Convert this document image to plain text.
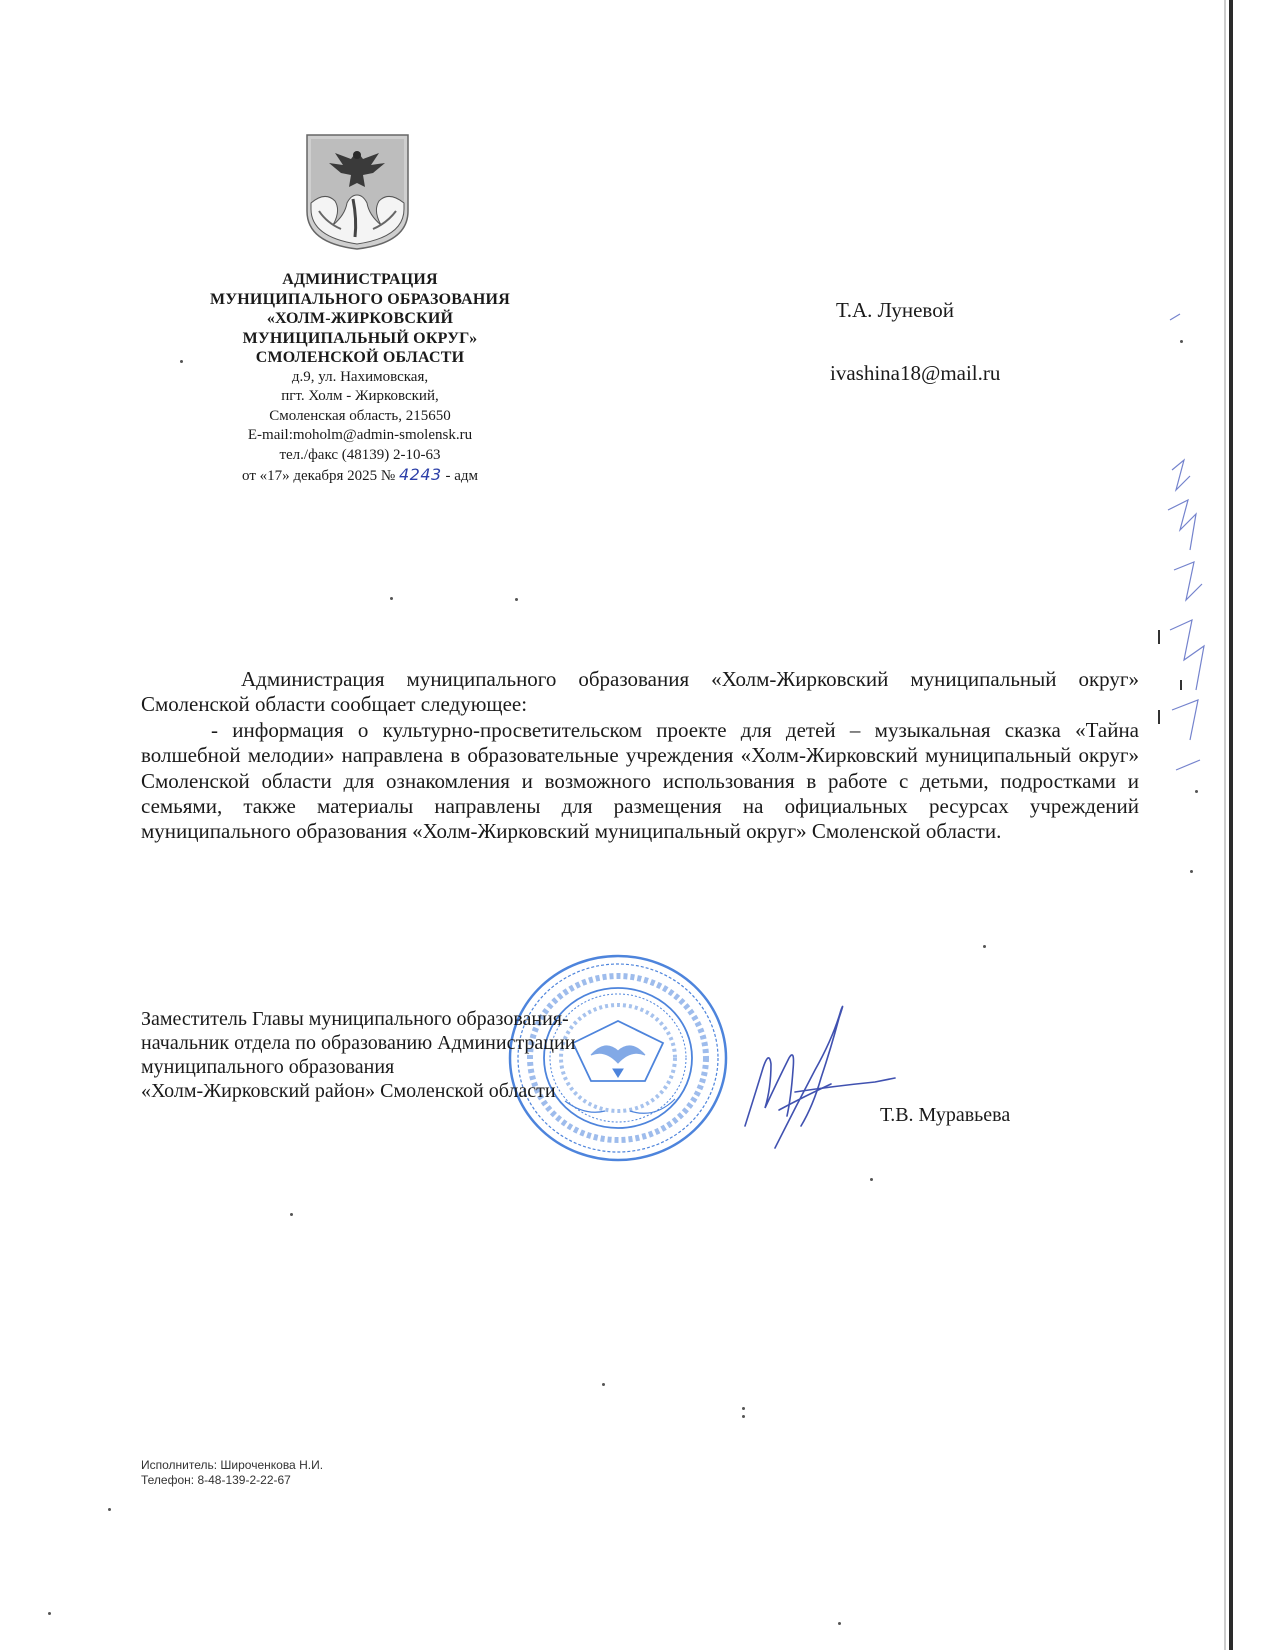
АДМИНИСТРАЦИЯ
МУНИЦИПАЛЬНОГО ОБРАЗОВАНИЯ
«ХОЛМ-ЖИРКОВСКИЙ
МУНИЦИПАЛЬНЫЙ ОКРУГ»
СМОЛЕНСКОЙ ОБЛАСТИ
д.9, ул. Нахимовская,
пгт. Холм - Жирковский,
Смоленская область, 215650
E-mail:moholm@admin-smolensk.ru
тел./факс (48139) 2-10-63
от «17» декабря 2025 № 4243 - адм
Т.А. Луневой
ivashina18@mail.ru

Администрация муниципального образования «Холм-Жирковский муниципальный округ» Смоленской области сообщает следующее:

- информация о культурно-просветительском проекте для детей – музыкальная сказка «Тайна волшебной мелодии» направлена в образовательные учреждения «Холм-Жирковский муниципальный округ» Смоленской области для ознакомления и возможного использования в работе с детьми, подростками и семьями, также материалы направлены для размещения на официальных ресурсах учреждений муниципального образования «Холм-Жирковский муниципальный округ» Смоленской области.

Заместитель Главы муниципального образования-
начальник отдела по образованию Администрации
муниципального образования
«Холм-Жирковский район» Смоленской области
Т.В. Муравьева
Исполнитель: Широченкова Н.И.
Телефон: 8-48-139-2-22-67
